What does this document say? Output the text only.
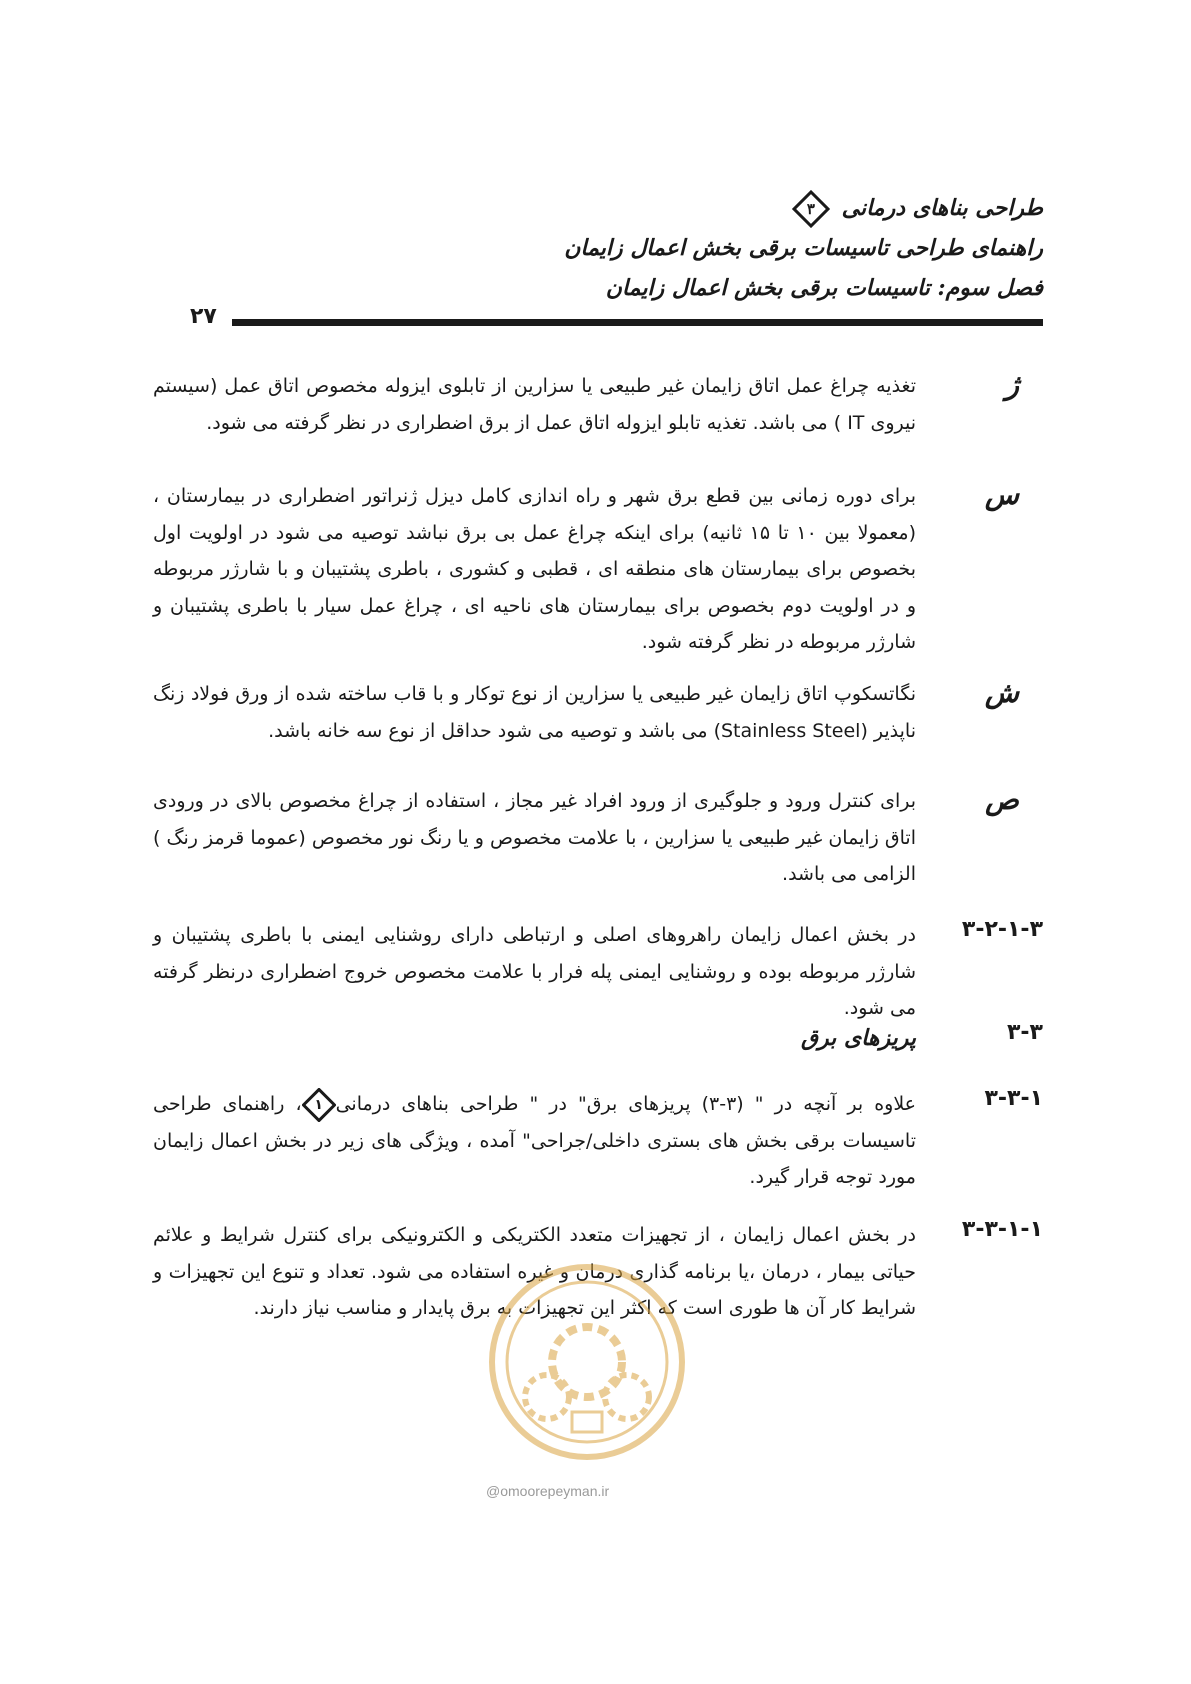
طراحی بناهای درمانی
۳
راهنمای طراحی تاسیسات برقی بخش اعمال زایمان
فصل سوم: تاسیسات برقی بخش اعمال زایمان
۲۷
ژ
تغذیه چراغ عمل اتاق زایمان غیر طبیعی یا سزارین از تابلوی ایزوله مخصوص اتاق عمل (سیستم نیروی IT ) می باشد. تغذیه تابلو ایزوله اتاق عمل از برق اضطراری در نظر گرفته می شود.
س
برای دوره زمانی بین قطع برق شهر و راه اندازی کامل دیزل ژنراتور اضطراری در بیمارستان ، (معمولا بین ۱۰ تا ۱۵ ثانیه) برای اینکه چراغ عمل بی برق نباشد توصیه می شود در اولویت اول بخصوص برای بیمارستان های منطقه ای ، قطبی و کشوری ، باطری پشتیبان و با شارژر مربوطه و در اولویت دوم بخصوص برای بیمارستان های ناحیه ای ، چراغ عمل سیار با باطری پشتیبان و شارژر مربوطه در نظر گرفته شود.
ش
نگاتسکوپ اتاق زایمان غیر طبیعی یا سزارین از نوع توکار و با قاب ساخته شده از ورق فولاد زنگ ناپذیر (Stainless Steel) می باشد و توصیه می شود حداقل از نوع سه خانه باشد.
ص
برای کنترل ورود و جلوگیری از ورود افراد غیر مجاز ، استفاده از چراغ مخصوص بالای در ورودی اتاق زایمان غیر طبیعی یا سزارین ، با علامت مخصوص و یا رنگ نور مخصوص (عموما قرمز رنگ ) الزامی می باشد.
۳-۲-۱-۳
در بخش اعمال زایمان راهروهای اصلی و ارتباطی دارای روشنایی ایمنی با باطری پشتیبان و شارژر مربوطه بوده و روشنایی ایمنی پله فرار با علامت مخصوص خروج اضطراری درنظر گرفته می شود.
۳-۳
پریزهای برق
۳-۳-۱
علاوه بر آنچه در " (۳-۳) پریزهای برق" در " طراحی بناهای درمانی
۱
، راهنمای طراحی تاسیسات برقی بخش های بستری داخلی/جراحی" آمده ، ویژگی های زیر در بخش اعمال زایمان مورد توجه قرار گیرد.
۳-۳-۱-۱
در بخش اعمال زایمان ، از تجهیزات متعدد الکتریکی و الکترونیکی برای کنترل شرایط و علائم حیاتی بیمار ، درمان ،یا برنامه گذاری درمان و غیره استفاده می شود. تعداد و تنوع این تجهیزات و شرایط کار آن ها طوری است که اکثر این تجهیزات به برق پایدار و مناسب نیاز دارند.
@omoorepeyman.ir
